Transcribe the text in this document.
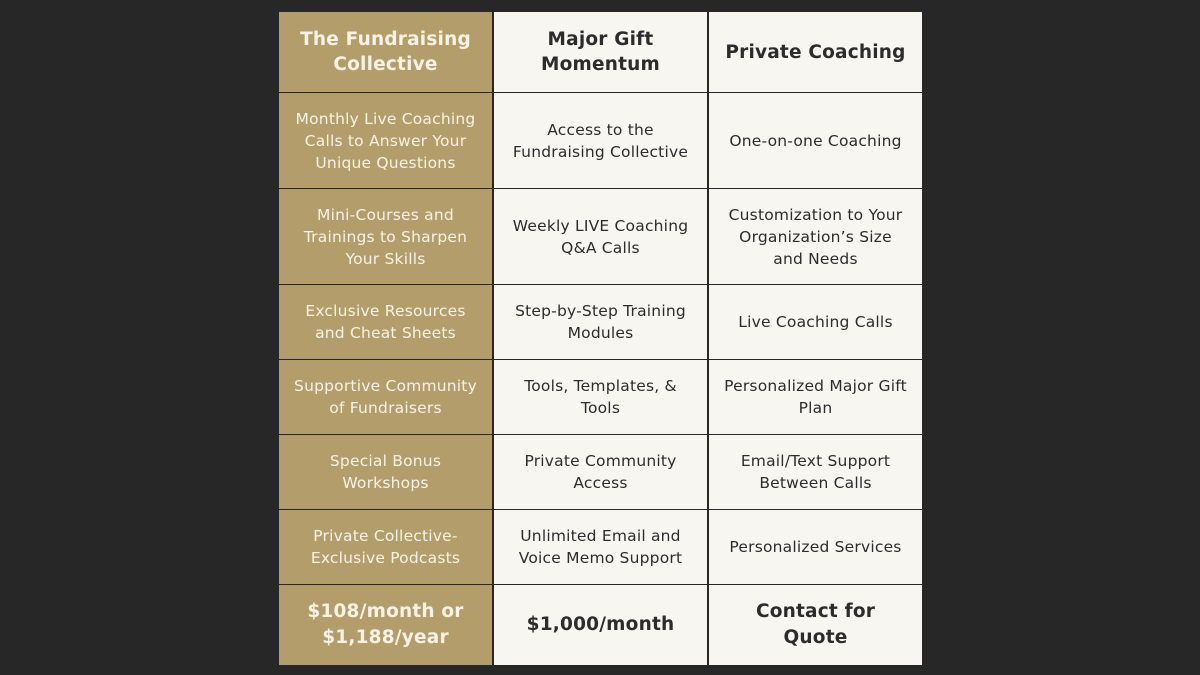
The Fundraising Collective
Major Gift Momentum
Private Coaching
Monthly Live Coaching Calls to Answer Your Unique Questions
Access to the Fundraising Collective
One-on-one Coaching
Mini-Courses and Trainings to Sharpen Your Skills
Weekly LIVE Coaching Q&A Calls
Customization to Your Organization’s Size and Needs
Exclusive Resources and Cheat Sheets
Step-by-Step Training Modules
Live Coaching Calls
Supportive Community of Fundraisers
Tools, Templates, & Tools
Personalized Major Gift Plan
Special Bonus Workshops
Private Community Access
Email/Text Support Between Calls
Private Collective-Exclusive Podcasts
Unlimited Email and Voice Memo Support
Personalized Services
$108/month or $1,188/year
$1,000/month
Contact for Quote
